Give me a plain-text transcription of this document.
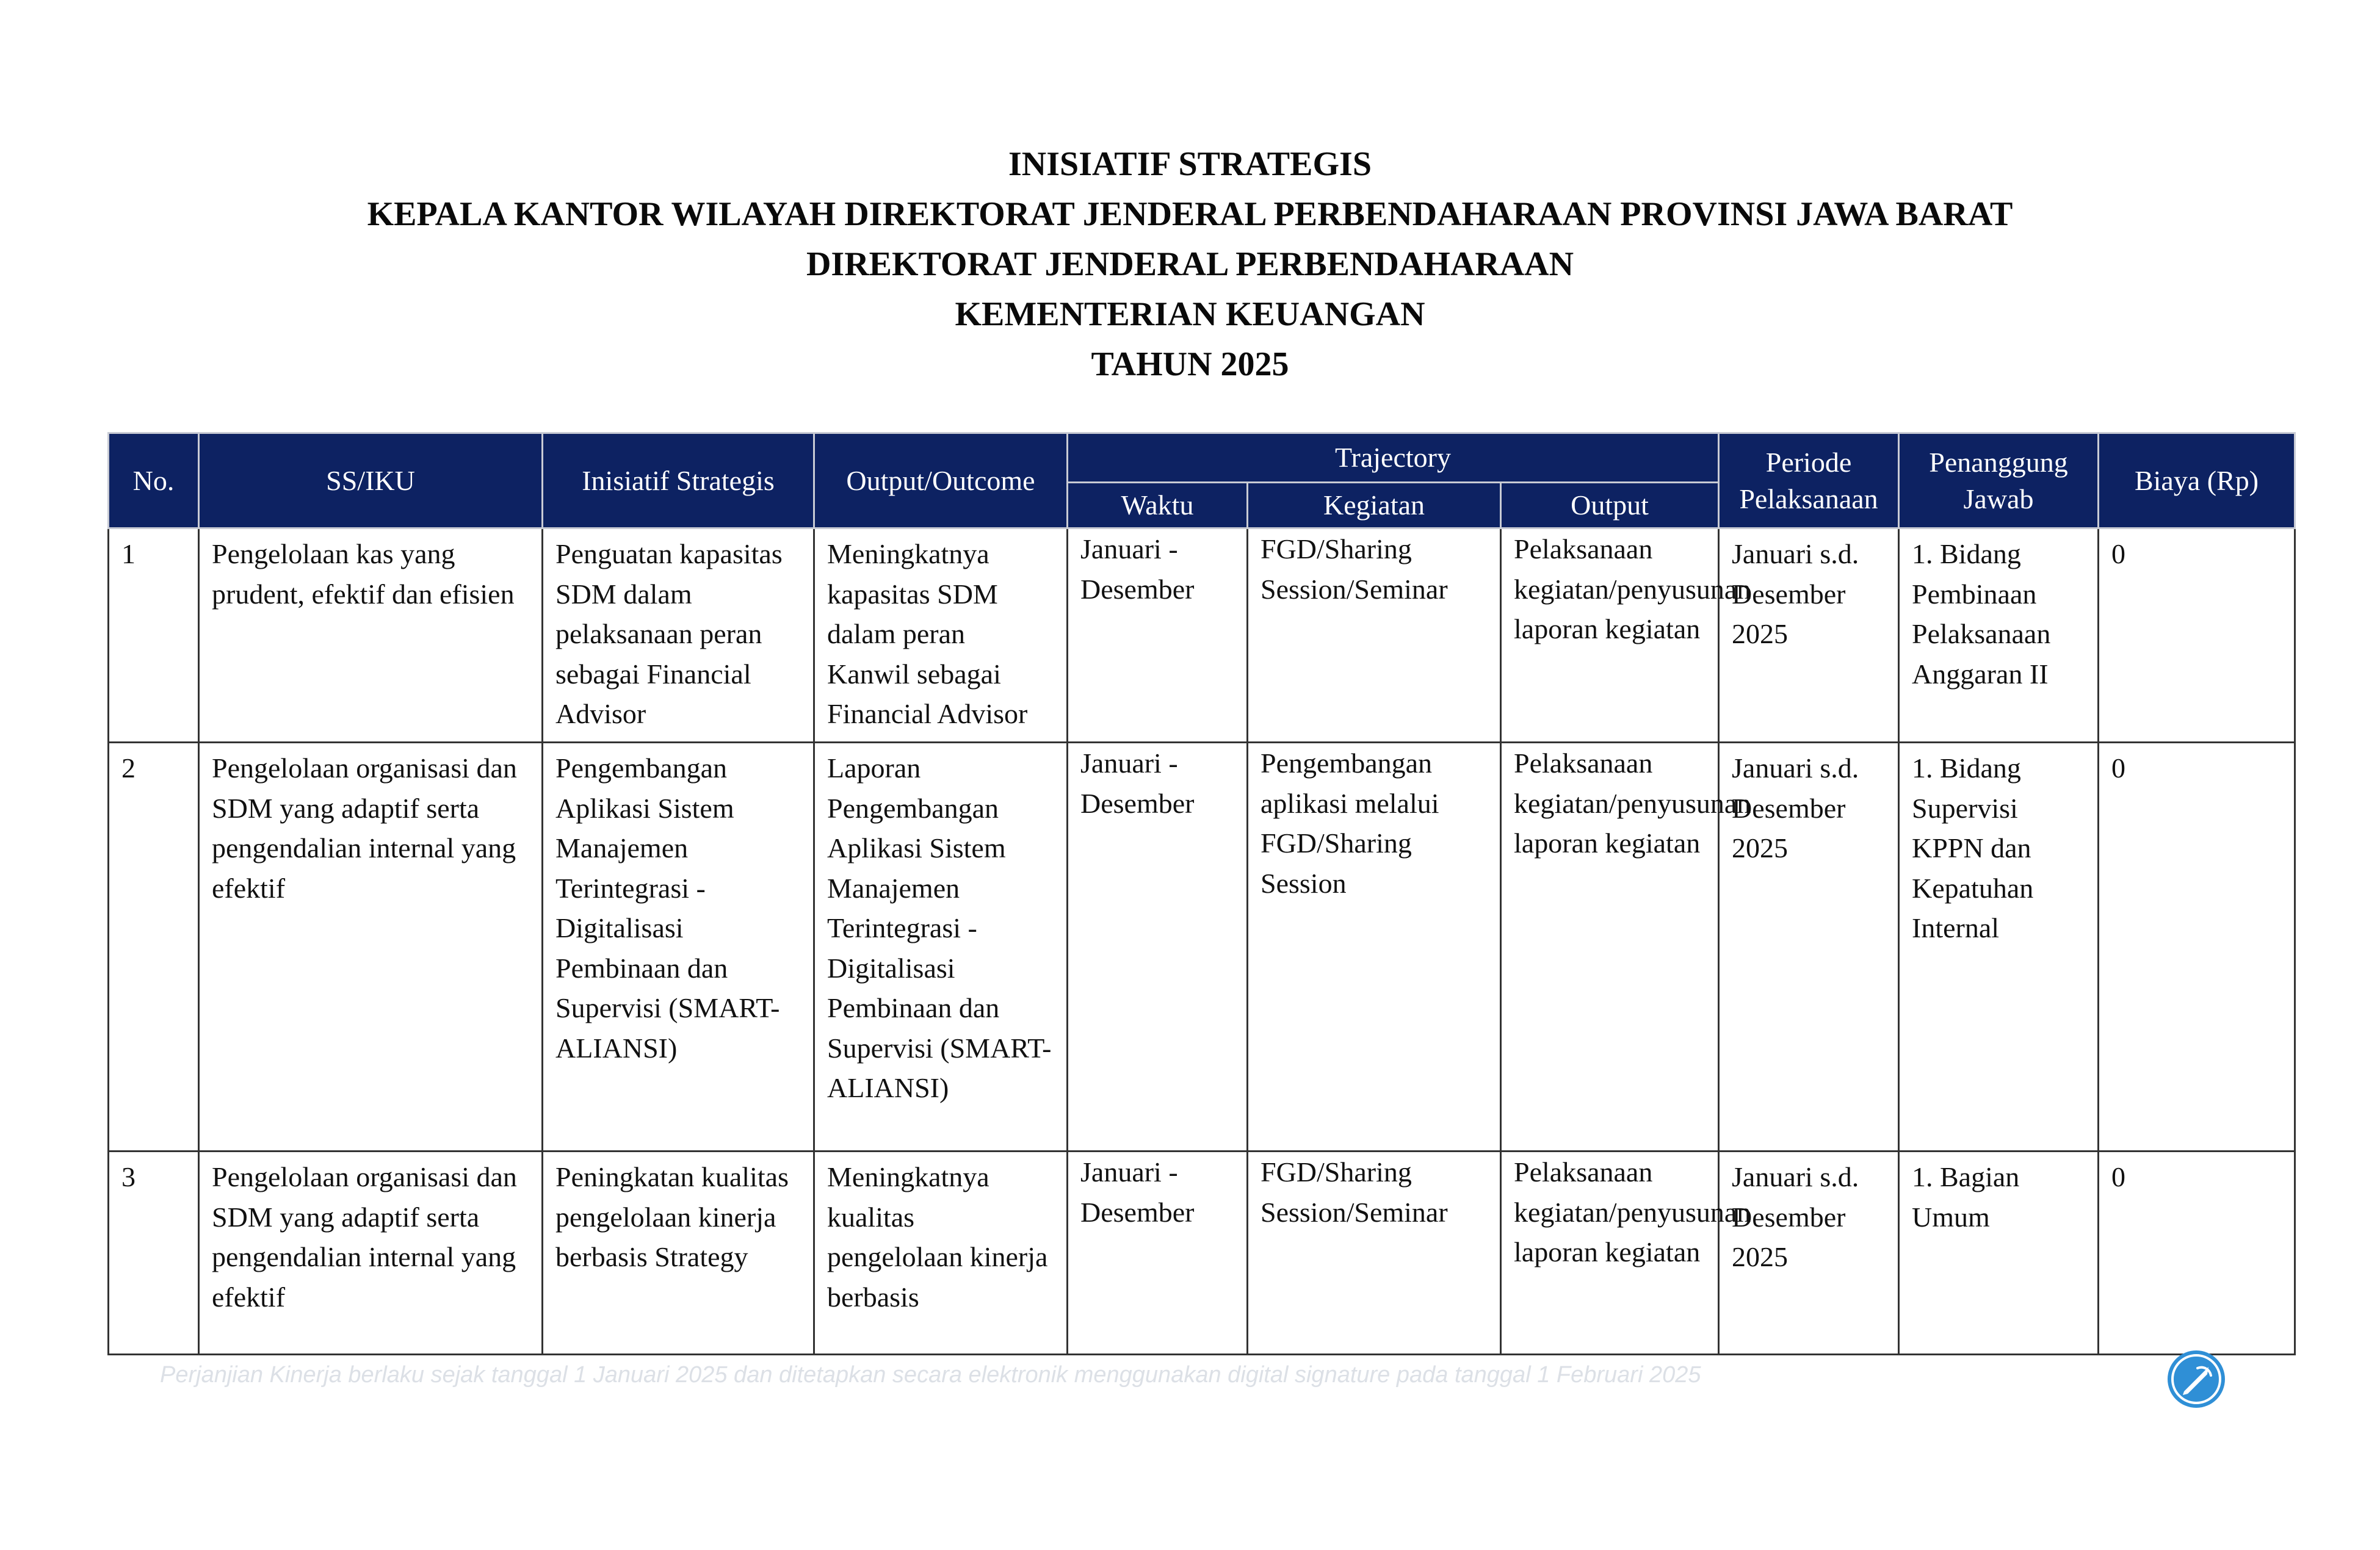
INISIATIF STRATEGIS
KEPALA KANTOR WILAYAH DIREKTORAT JENDERAL PERBENDAHARAAN PROVINSI JAWA BARAT
DIREKTORAT JENDERAL PERBENDAHARAAN
KEMENTERIAN KEUANGAN
TAHUN 2025
No.	SS/IKU	Inisiatif Strategis	Output/Outcome	Trajectory			Periode Pelaksanaan	Penanggung Jawab	Biaya (Rp)
				Waktu	Kegiatan	Output			
1	Pengelolaan kas yang prudent, efektif dan efisien	Penguatan kapasitas SDM dalam pelaksanaan peran sebagai Financial Advisor	Meningkatnya kapasitas SDM dalam peran Kanwil sebagai Financial Advisor	Januari - Desember	FGD/Sharing Session/Seminar	Pelaksanaan kegiatan/penyusunan laporan kegiatan	Januari s.d. Desember 2025	1. Bidang Pembinaan Pelaksanaan Anggaran II	0
2	Pengelolaan organisasi dan SDM yang adaptif serta pengendalian internal yang efektif	Pengembangan Aplikasi Sistem Manajemen Terintegrasi - Digitalisasi Pembinaan dan Supervisi (SMART-ALIANSI)	Laporan Pengembangan Aplikasi Sistem Manajemen Terintegrasi - Digitalisasi Pembinaan dan Supervisi (SMART-ALIANSI)	Januari - Desember	Pengembangan aplikasi melalui FGD/Sharing Session	Pelaksanaan kegiatan/penyusunan laporan kegiatan	Januari s.d. Desember 2025	1. Bidang Supervisi KPPN dan Kepatuhan Internal	0
3	Pengelolaan organisasi dan SDM yang adaptif serta pengendalian internal yang efektif	Peningkatan kualitas pengelolaan kinerja berbasis Strategy	Meningkatnya kualitas pengelolaan kinerja berbasis	Januari - Desember	FGD/Sharing Session/Seminar	Pelaksanaan kegiatan/penyusunan laporan kegiatan	Januari s.d. Desember 2025	1. Bagian Umum	0
Perjanjian Kinerja berlaku sejak tanggal 1 Januari 2025 dan ditetapkan secara elektronik menggunakan digital signature pada tanggal 1 Februari 2025
